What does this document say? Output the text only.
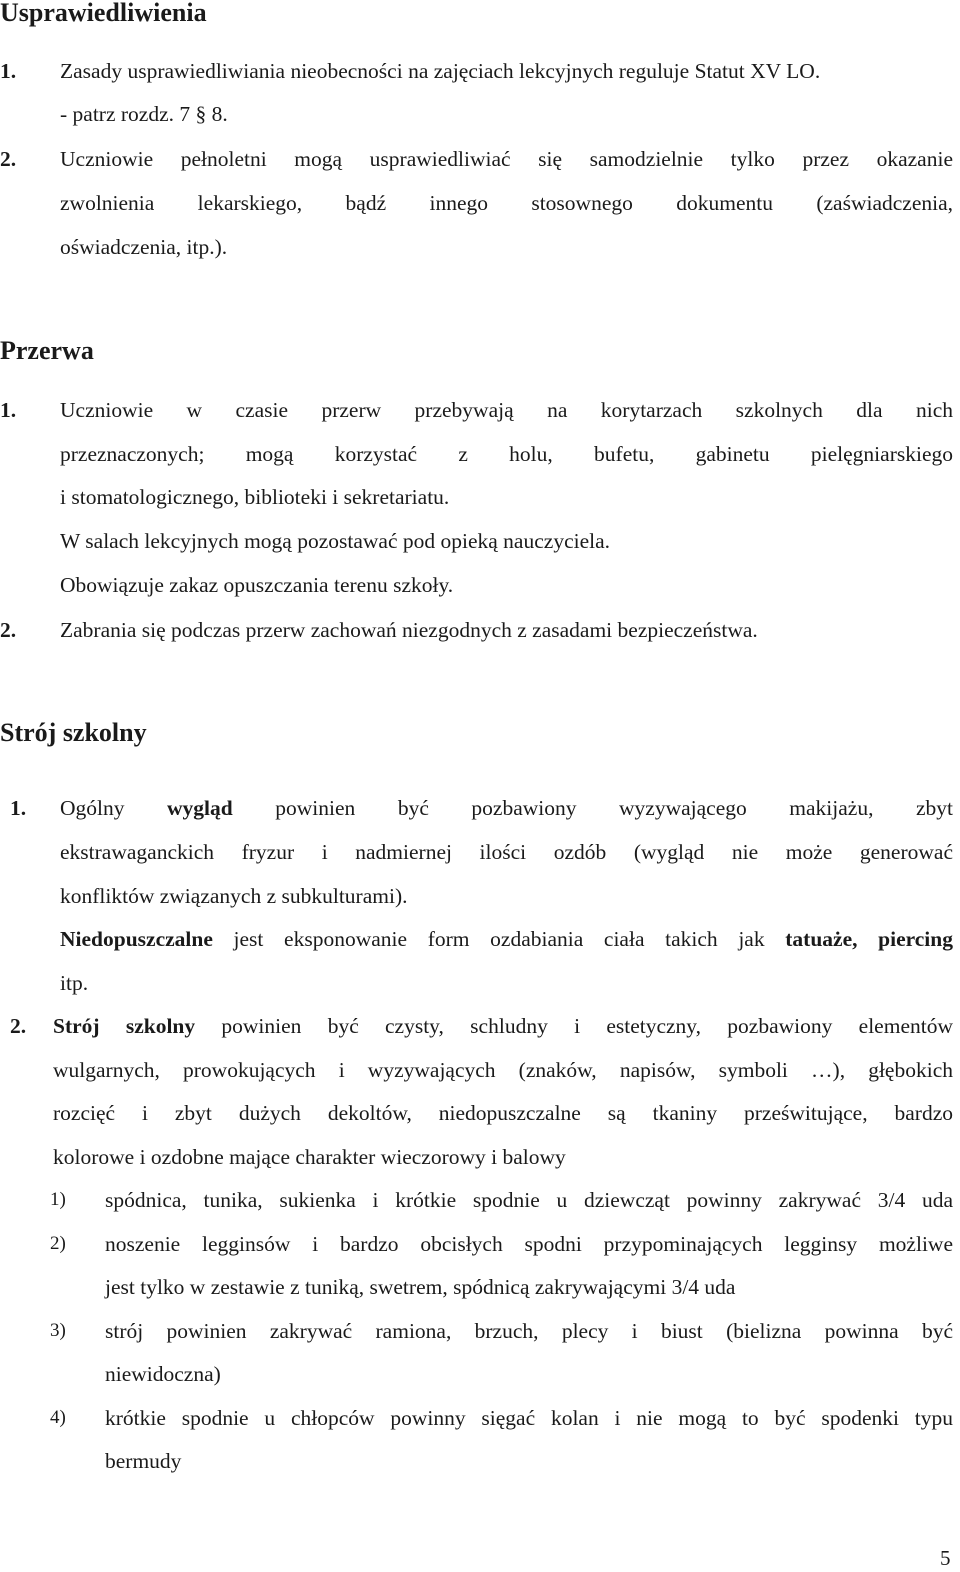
Usprawiedliwienia
1. Zasady usprawiedliwiania nieobecności na zajęciach lekcyjnych reguluje Statut XV LO.
- patrz rozdz. 7 § 8.
2. Uczniowie pełnoletni mogą usprawiedliwiać się samodzielnie tylko przez okazanie
zwolnienia lekarskiego, bądź innego stosownego dokumentu (zaświadczenia,
oświadczenia, itp.).
Przerwa
1. Uczniowie w czasie przerw przebywają na korytarzach szkolnych dla nich
przeznaczonych; mogą korzystać z holu, bufetu, gabinetu pielęgniarskiego
i stomatologicznego, biblioteki i sekretariatu.
W salach lekcyjnych mogą pozostawać pod opieką nauczyciela.
Obowiązuje zakaz opuszczania terenu szkoły.
2. Zabrania się podczas przerw zachowań niezgodnych z zasadami bezpieczeństwa.
Strój szkolny
1. Ogólny wygląd powinien być pozbawiony wyzywającego makijażu, zbyt
ekstrawaganckich fryzur i nadmiernej ilości ozdób (wygląd nie może generować
konfliktów związanych z subkulturami).
Niedopuszczalne jest eksponowanie form ozdabiania ciała takich jak tatuaże, piercing
itp.
2. Strój szkolny powinien być czysty, schludny i estetyczny, pozbawiony elementów
wulgarnych, prowokujących i wyzywających (znaków, napisów, symboli …), głębokich
rozcięć i zbyt dużych dekoltów, niedopuszczalne są tkaniny prześwitujące, bardzo
kolorowe i ozdobne mające charakter wieczorowy i balowy
1) spódnica, tunika, sukienka i krótkie spodnie u dziewcząt powinny zakrywać 3/4 uda
2) noszenie legginsów i bardzo obcisłych spodni przypominających legginsy możliwe
jest tylko w zestawie z tuniką, swetrem, spódnicą zakrywającymi 3/4 uda
3) strój powinien zakrywać ramiona, brzuch, plecy i biust (bielizna powinna być
niewidoczna)
4) krótkie spodnie u chłopców powinny sięgać kolan i nie mogą to być spodenki typu
bermudy
5
